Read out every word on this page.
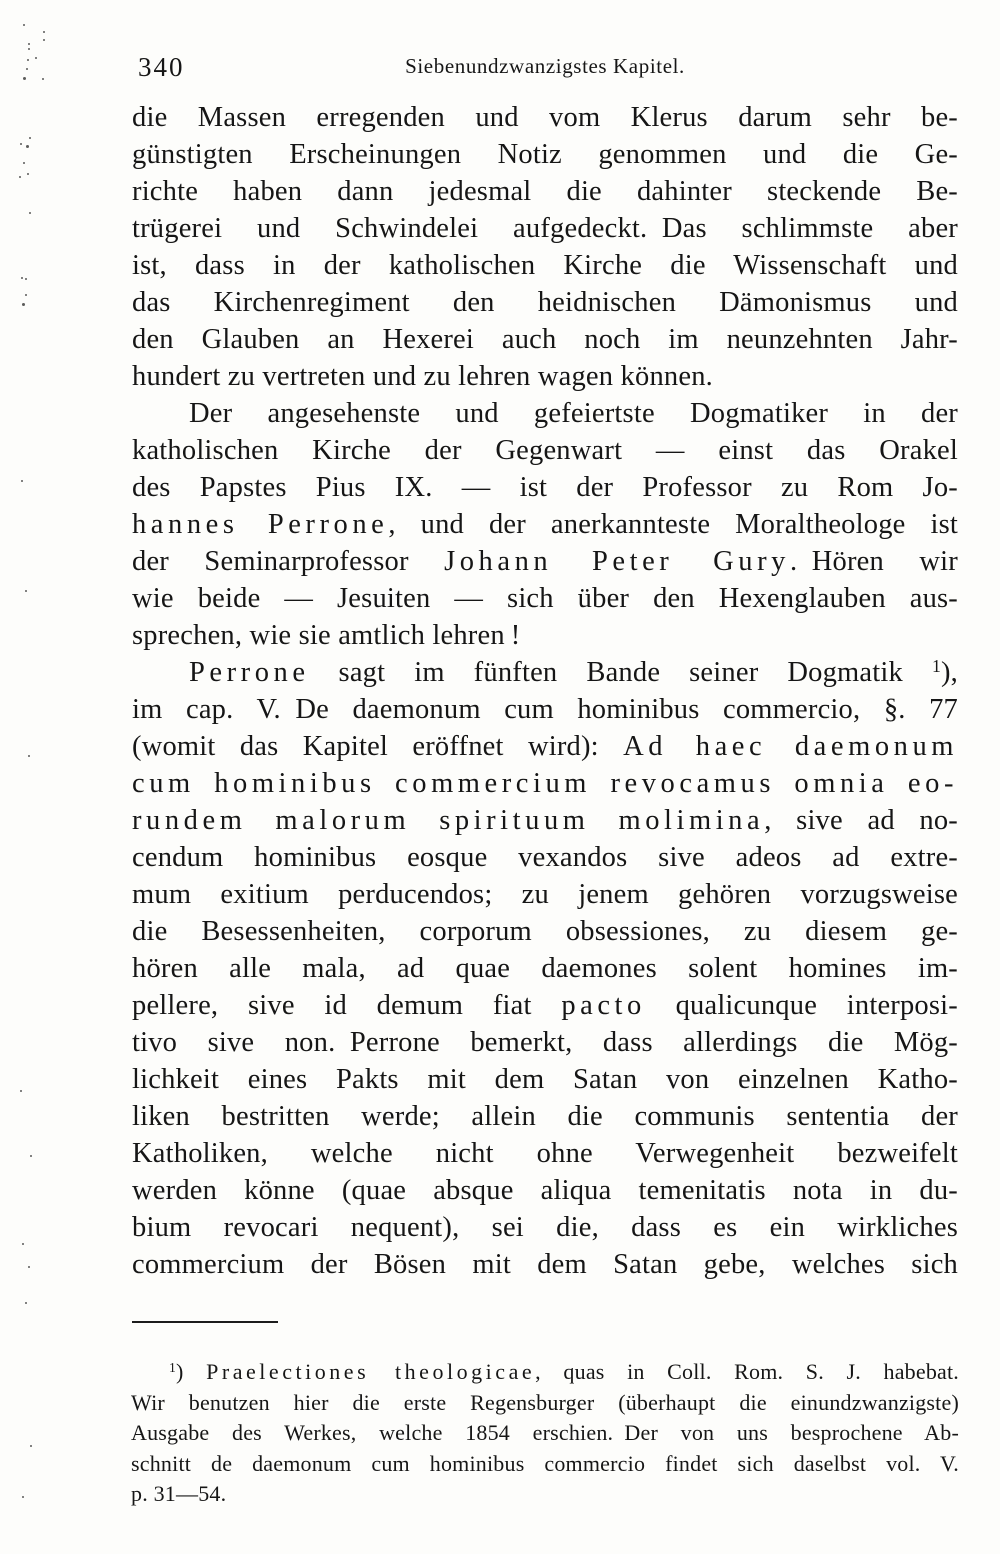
340	Siebenundzwanzigstes Kapitel.
die Massen erregenden und vom Klerus darum sehr be-
günstigten Erscheinungen Notiz genommen und die Ge-
richte haben dann jedesmal die dahinter steckende Be-
trügerei und Schwindelei aufgedeckt. Das schlimmste aber
ist, dass in der katholischen Kirche die Wissenschaft und
das Kirchenregiment den heidnischen Dämonismus und
den Glauben an Hexerei auch noch im neunzehnten Jahr-
hundert zu vertreten und zu lehren wagen können.
Der angesehenste und gefeiertste Dogmatiker in der
katholischen Kirche der Gegenwart — einst das Orakel
des Papstes Pius IX. — ist der Professor zu Rom Jo-
hannes Perrone, und der anerkannteste Moraltheologe ist
der Seminarprofessor Johann Peter Gury. Hören wir
wie beide — Jesuiten — sich über den Hexenglauben aus-
sprechen, wie sie amtlich lehren !
Perrone sagt im fünften Bande seiner Dogmatik $^1$),
im cap. V. De daemonum cum hominibus commercio, §. 77
(womit das Kapitel eröffnet wird): Ad haec daemonum
cum hominibus commercium revocamus omnia eo-
rundem malorum spirituum molimina, sive ad no-
cendum hominibus eosque vexandos sive adeos ad extre-
mum exitium perducendos; zu jenem gehören vorzugsweise
die Besessenheiten, corporum obsessiones, zu diesem ge-
hören alle mala, ad quae daemones solent homines im-
pellere, sive id demum fiat pacto qualicunque interposi-
tivo sive non. Perrone bemerkt, dass allerdings die Mög-
lichkeit eines Pakts mit dem Satan von einzelnen Katho-
liken bestritten werde; allein die communis sententia der
Katholiken, welche nicht ohne Verwegenheit bezweifelt
werden könne (quae absque aliqua temenitatis nota in du-
bium revocari nequent), sei die, dass es ein wirkliches
commercium der Bösen mit dem Satan gebe, welches sich
$^1$) Praelectiones theologicae, quas in Coll. Rom. S. J. habebat.
Wir benutzen hier die erste Regensburger (überhaupt die einundzwanzigste)
Ausgabe des Werkes, welche 1854 erschien. Der von uns besprochene Ab-
schnitt de daemonum cum hominibus commercio findet sich daselbst vol. V.
p. 31—54.
